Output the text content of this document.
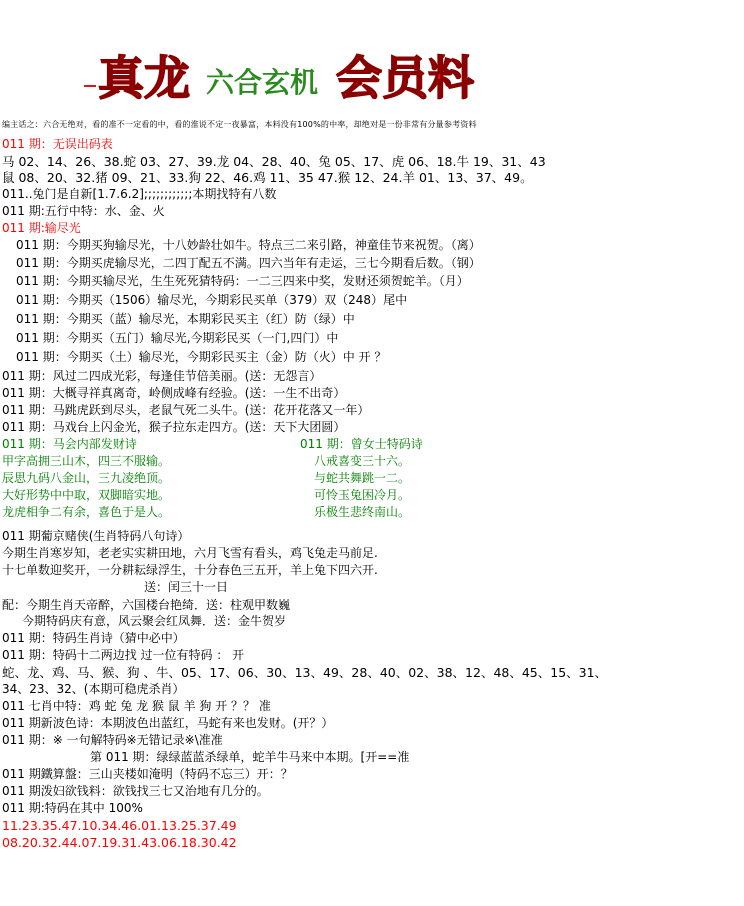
真龙 六合玄机 会员料
编主话之：六合无绝对，看的准不一定看的中，看的淮说不定一夜暴富，本料没有100%的中率，却绝对是一份非常有分量参考资料
011 期：无误出码表
马 02、14、26、38.蛇 03、27、39.龙 04、28、40、兔 05、17、虎 06、18.牛 19、31、43
鼠 08、20、32.猪 09、21、33.狗 22、46.鸡 11、35 47.猴 12、24.羊 01、13、37、49。
011..兔门是自新[1.7.6.2];;;;;;;;;;;;本期找特有八数
011 期:五行中特：水、金、火
011 期:输尽光
011 期：今期买狗输尽光，十八妙龄壮如牛。特点三二来引路，神童佳节来祝贺。（离）
011 期：今期买虎输尽光，二四丁配五不满。四六当年有走运，三七今期看后数。（钢）
011 期：今期买输尽光，生生死死猜特码：一二三四来中奖，发财还须贺蛇羊。（月）
011 期：今期买（1506）输尽光，今期彩民买单（379）双（248）尾中
011 期：今期买（蓝）输尽光，本期彩民买主（红）防（绿）中
011 期：今期买（五门）输尽光,今期彩民买（一门,四门）中
011 期：今期买（土）输尽光，今期彩民买主（金）防（火）中 开 ？
011 期：风过二四成光彩，每逢佳节倍美丽。(送：无怨言）
011 期：大概寻祥真离奇，岭侧成峰有经验。(送：一生不出奇）
011 期：马跳虎跃到尽头，老鼠气死二头牛。(送：花开花落又一年）
011 期：马戏台上闪金光，猴子拉东走四方。(送：天下大团圆）
011 期：马会内部发财诗
甲字高拥三山木，四三不服输。
辰思九码八金山，三九凌绝顶。
大好形势中中取，双脚暗实地。
龙虎相争二有余，喜色于是人。
011 期：曾女士特码诗
八戒喜变三十六。
与蛇共舞跳一二。
可怜玉兔困冷月。
乐极生悲终南山。
011 期葡京赌侠(生肖特码八句诗）
今期生肖寒岁知，老老实实耕田地，六月飞雪有看头，鸡飞兔走马前足.
十七单数迎奖开，一分耕耘绿浮生，十分春色三五开，羊上兔下四六开.
送：闰三十一日
配：今期生肖天帝醉，六国楼台艳绮．送：柱观甲数巍
今期特码庆有意，风云聚会红凤舞．送：金牛贺岁
011 期：特码生肖诗（猜中必中）
011 期：特码十二两边找 过一位有特码 ： 开
蛇、龙、鸡、马、猴、狗 、牛、05、17、06、30、13、49、28、40、02、38、12、48、45、15、31、
34、23、32、(本期可稳虎杀肖）
011 七肖中特：鸡 蛇 兔 龙 猴 鼠 羊 狗 开 ？？ 准
011 期新波色诗：本期波色出蓝红，马蛇有来也发财。(开？）
011 期：※ 一句解特码※无错记录※\准准
第 011 期：绿绿蓝蓝杀绿单，蛇羊牛马来中本期。[开==准
011 期鐵算盤：三山夹楼如淹明（特码不忘三）开：？
011 期泼妇欲钱料：欲钱找三七又治地有几分的。
011 期:特码在其中 100%
11.23.35.47.10.34.46.01.13.25.37.49
08.20.32.44.07.19.31.43.06.18.30.42
